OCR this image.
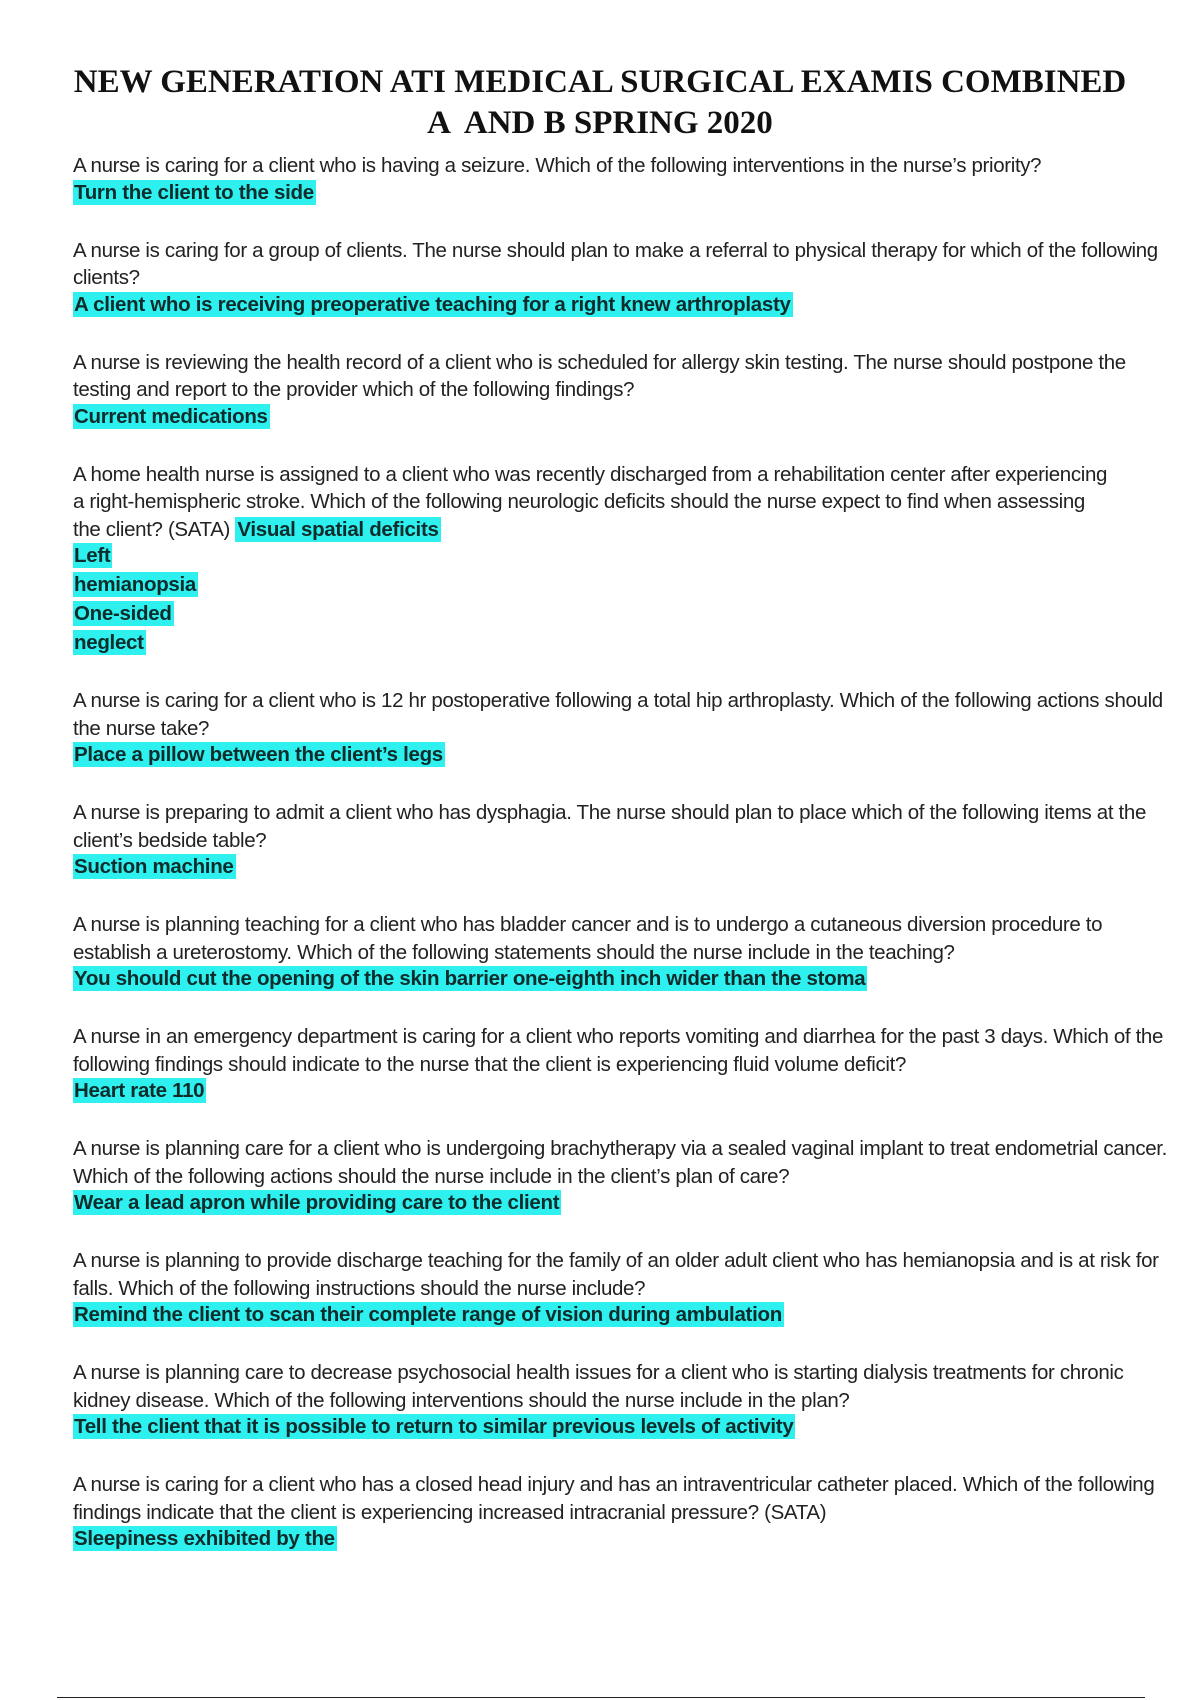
NEW GENERATION ATI MEDICAL SURGICAL EXAMIS COMBINED
A  AND B SPRING 2020

A nurse is caring for a client who is having a seizure. Which of the following interventions in the nurse’s priority?

Turn the client to the side

A nurse is caring for a group of clients. The nurse should plan to make a referral to physical therapy for which of the following clients?

A client who is receiving preoperative teaching for a right knew arthroplasty

A nurse is reviewing the health record of a client who is scheduled for allergy skin testing. The nurse should postpone the testing and report to the provider which of the following findings?

Current medications

A home health nurse is assigned to a client who was recently discharged from a rehabilitation center after experiencing
a right-hemispheric stroke. Which of the following neurologic deficits should the nurse expect to find when assessing
the client? (SATA) Visual spatial deficits

Left
hemianopsia
One-sided
neglect

A nurse is caring for a client who is 12 hr postoperative following a total hip arthroplasty. Which of the following actions should the nurse take?

Place a pillow between the client’s legs

A nurse is preparing to admit a client who has dysphagia. The nurse should plan to place which of the following items at the client’s bedside table?

Suction machine

A nurse is planning teaching for a client who has bladder cancer and is to undergo a cutaneous diversion procedure to establish a ureterostomy. Which of the following statements should the nurse include in the teaching?

You should cut the opening of the skin barrier one-eighth inch wider than the stoma

A nurse in an emergency department is caring for a client who reports vomiting and diarrhea for the past 3 days. Which of the following findings should indicate to the nurse that the client is experiencing fluid volume deficit?

Heart rate 110

A nurse is planning care for a client who is undergoing brachytherapy via a sealed vaginal implant to treat endometrial cancer. Which of the following actions should the nurse include in the client’s plan of care?

Wear a lead apron while providing care to the client

A nurse is planning to provide discharge teaching for the family of an older adult client who has hemianopsia and is at risk for falls. Which of the following instructions should the nurse include?

Remind the client to scan their complete range of vision during ambulation

A nurse is planning care to decrease psychosocial health issues for a client who is starting dialysis treatments for chronic kidney disease. Which of the following interventions should the nurse include in the plan?

Tell the client that it is possible to return to similar previous levels of activity

A nurse is caring for a client who has a closed head injury and has an intraventricular catheter placed. Which of the following findings indicate that the client is experiencing increased intracranial pressure? (SATA)

Sleepiness exhibited by the
